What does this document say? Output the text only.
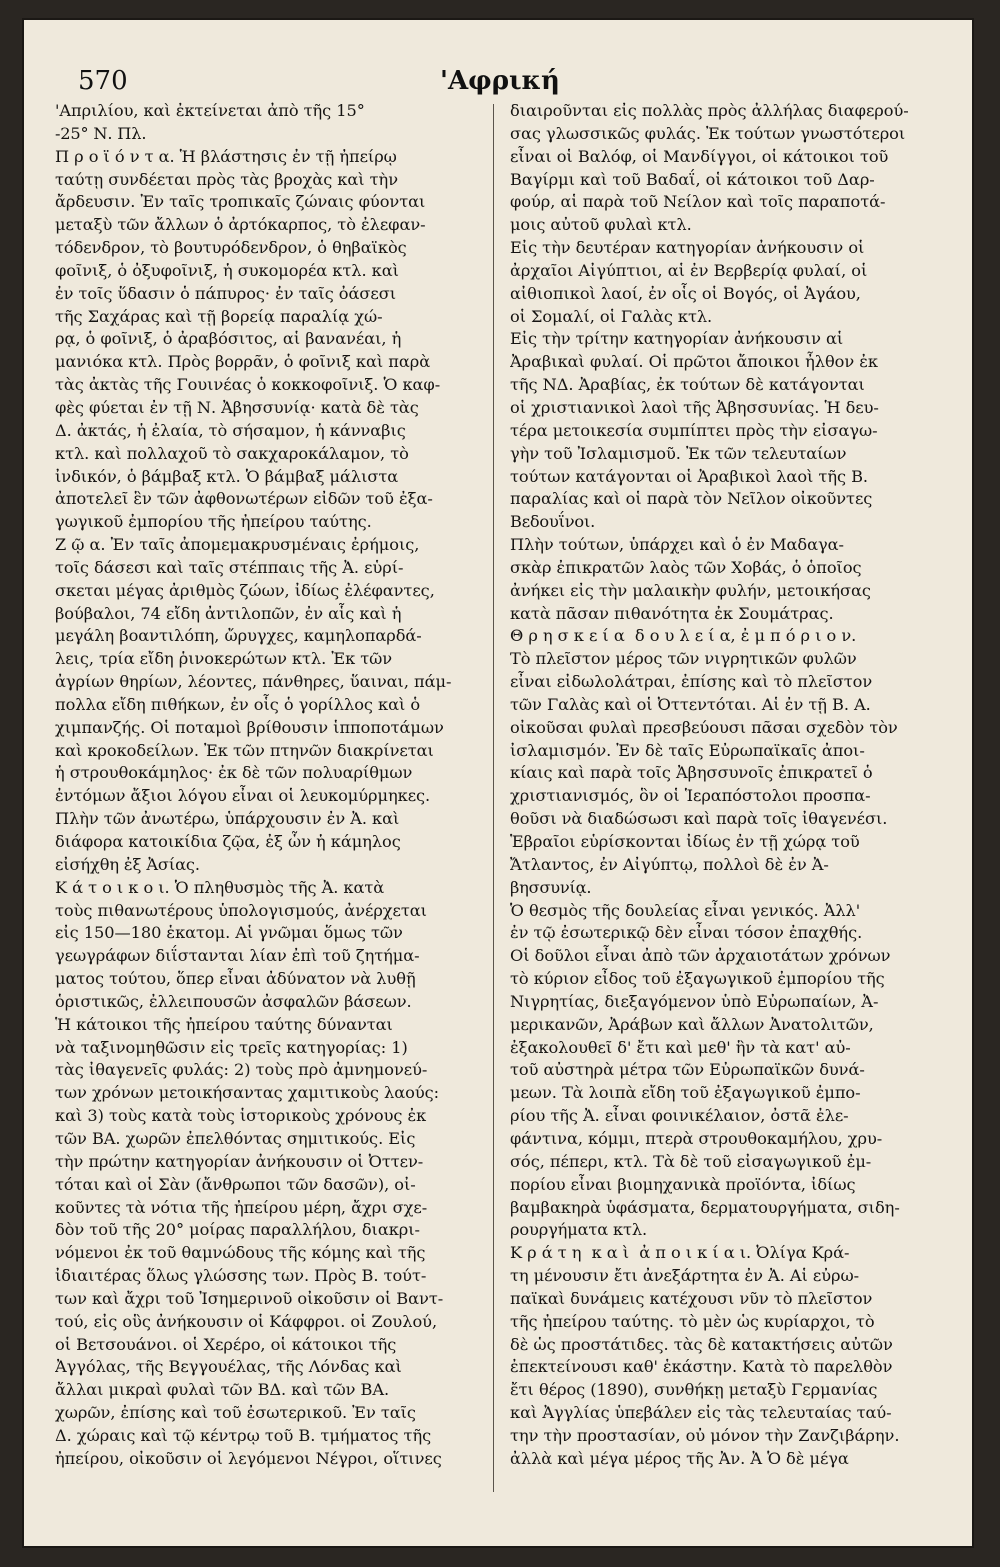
570	'Αφρική
'Απριλίου, καὶ ἐκτείνεται ἀπὸ τῆς 15°
-25° Ν. Πλ.
Π ρ ο ϊ ό ν τ α. Ἡ βλάστησις ἐν τῇ ἠπείρῳ
ταύτῃ συνδέεται πρὸς τὰς βροχὰς καὶ τὴν
ἄρδευσιν. Ἐν ταῖς τροπικαῖς ζώναις φύονται
μεταξὺ τῶν ἄλλων ὁ ἀρτόκαρπος, τὸ ἐλεφαν-
τόδενδρον, τὸ βουτυρόδενδρον, ὁ θηβαϊκὸς
φοῖνιξ, ὁ ὀξυφοῖνιξ, ἡ συκομορέα κτλ. καὶ
ἐν τοῖς ὕδασιν ὁ πάπυρος· ἐν ταῖς ὀάσεσι
τῆς Σαχάρας καὶ τῇ βορείᾳ παραλίᾳ χώ-
ρᾳ, ὁ φοῖνιξ, ὁ ἀραβόσιτος, αἱ βανανέαι, ἡ
μανιόκα κτλ. Πρὸς βορρᾶν, ὁ φοῖνιξ καὶ παρὰ
τὰς ἀκτὰς τῆς Γουινέας ὁ κοκκοφοῖνιξ. Ὁ καφ-
φὲς φύεται ἐν τῇ Ν. Ἀβησσυνίᾳ· κατὰ δὲ τὰς
Δ. ἀκτάς, ἡ ἐλαία, τὸ σήσαμον, ἡ κάνναβις
κτλ. καὶ πολλαχοῦ τὸ σακχαροκάλαμον, τὸ
ἰνδικόν, ὁ βάμβαξ κτλ. Ὁ βάμβαξ μάλιστα
ἀποτελεῖ ἓν τῶν ἀφθονωτέρων εἰδῶν τοῦ ἐξα-
γωγικοῦ ἐμπορίου τῆς ἠπείρου ταύτης.
Ζ ῷ α. Ἐν ταῖς ἀπομεμακρυσμέναις ἐρήμοις,
τοῖς δάσεσι καὶ ταῖς στέππαις τῆς Ἀ. εὑρί-
σκεται μέγας ἀριθμὸς ζώων, ἰδίως ἐλέφαντες,
βούβαλοι, 74 εἴδη ἀντιλοπῶν, ἐν αἷς καὶ ἡ
μεγάλη βοαντιλόπη, ὤρυγχες, καμηλοπαρδά-
λεις, τρία εἴδη ῥινοκερώτων κτλ. Ἐκ τῶν
ἀγρίων θηρίων, λέοντες, πάνθηρες, ὕαιναι, πάμ-
πολλα εἴδη πιθήκων, ἐν οἷς ὁ γορίλλος καὶ ὁ
χιμπανζής. Οἱ ποταμοὶ βρίθουσιν ἱπποποτάμων
καὶ κροκοδείλων. Ἐκ τῶν πτηνῶν διακρίνεται
ἡ στρουθοκάμηλος· ἐκ δὲ τῶν πολυαρίθμων
ἐντόμων ἄξιοι λόγου εἶναι οἱ λευκομύρμηκες.
Πλὴν τῶν ἀνωτέρω, ὑπάρχουσιν ἐν Ἀ. καὶ
διάφορα κατοικίδια ζῷα, ἐξ ὧν ἡ κάμηλος
εἰσήχθη ἐξ Ἀσίας.
Κ ά τ ο ι κ ο ι. Ὁ πληθυσμὸς τῆς Ἀ. κατὰ
τοὺς πιθανωτέρους ὑπολογισμούς, ἀνέρχεται
εἰς 150—180 ἑκατομ. Αἱ γνῶμαι ὅμως τῶν
γεωγράφων διΐστανται λίαν ἐπὶ τοῦ ζητήμα-
ματος τούτου, ὅπερ εἶναι ἀδύνατον νὰ λυθῇ
ὁριστικῶς, ἐλλειπουσῶν ἀσφαλῶν βάσεων.
Ἡ κάτοικοι τῆς ἠπείρου ταύτης δύνανται
νὰ ταξινομηθῶσιν εἰς τρεῖς κατηγορίας: 1)
τὰς ἰθαγενεῖς φυλάς: 2) τοὺς πρὸ ἀμνημονεύ-
των χρόνων μετοικήσαντας χαμιτικοὺς λαούς:
καὶ 3) τοὺς κατὰ τοὺς ἱστορικοὺς χρόνους ἐκ
τῶν ΒΑ. χωρῶν ἐπελθόντας σημιτικούς. Εἰς
τὴν πρώτην κατηγορίαν ἀνήκουσιν οἱ Ὀττεν-
τόται καὶ οἱ Σὰν (ἄνθρωποι τῶν δασῶν), οἰ-
κοῦντες τὰ νότια τῆς ἠπείρου μέρη, ἄχρι σχε-
δὸν τοῦ τῆς 20° μοίρας παραλλήλου, διακρι-
νόμενοι ἐκ τοῦ θαμνώδους τῆς κόμης καὶ τῆς
ἰδιαιτέρας ὅλως γλώσσης των. Πρὸς Β. τούτ-
των καὶ ἄχρι τοῦ Ἰσημερινοῦ οἰκοῦσιν οἱ Βαντ-
τού, εἰς οὓς ἀνήκουσιν οἱ Κάφφροι. οἱ Ζουλού,
οἱ Βετσουάνοι. οἱ Χερέρο, οἱ κάτοικοι τῆς
Ἀγγόλας, τῆς Βεγγουέλας, τῆς Λόνδας καὶ
ἄλλαι μικραὶ φυλαὶ τῶν ΒΔ. καὶ τῶν ΒΑ.
χωρῶν, ἐπίσης καὶ τοῦ ἐσωτερικοῦ. Ἐν ταῖς
Δ. χώραις καὶ τῷ κέντρῳ τοῦ Β. τμήματος τῆς
ἠπείρου, οἰκοῦσιν οἱ λεγόμενοι Νέγροι, οἵτινες
διαιροῦνται εἰς πολλὰς πρὸς ἀλλήλας διαφερού-
σας γλωσσικῶς φυλάς. Ἐκ τούτων γνωστότεροι
εἶναι οἱ Βαλόφ, οἱ Μανδίγγοι, οἱ κάτοικοι τοῦ
Βαγίρμι καὶ τοῦ Βαδαΐ, οἱ κάτοικοι τοῦ Δαρ-
φούρ, αἱ παρὰ τοῦ Νείλον καὶ τοῖς παραποτά-
μοις αὐτοῦ φυλαὶ κτλ.
Εἰς τὴν δευτέραν κατηγορίαν ἀνήκουσιν οἱ
ἀρχαῖοι Αἰγύπτιοι, αἱ ἐν Βερβερίᾳ φυλαί, οἱ
αἰθιοπικοὶ λαοί, ἐν οἷς οἱ Βογός, οἱ Ἀγάου,
οἱ Σομαλί, οἱ Γαλὰς κτλ.
Εἰς τὴν τρίτην κατηγορίαν ἀνήκουσιν αἱ
Ἀραβικαὶ φυλαί. Οἱ πρῶτοι ἄποικοι ἦλθον ἐκ
τῆς ΝΔ. Ἀραβίας, ἐκ τούτων δὲ κατάγονται
οἱ χριστιανικοὶ λαοὶ τῆς Ἀβησσυνίας. Ἡ δευ-
τέρα μετοικεσία συμπίπτει πρὸς τὴν εἰσαγω-
γὴν τοῦ Ἰσλαμισμοῦ. Ἐκ τῶν τελευταίων
τούτων κατάγονται οἱ Ἀραβικοὶ λαοὶ τῆς Β.
παραλίας καὶ οἱ παρὰ τὸν Νεῖλον οἰκοῦντες
Βεδουΐνοι.
Πλὴν τούτων, ὑπάρχει καὶ ὁ ἐν Μαδαγα-
σκὰρ ἐπικρατῶν λαὸς τῶν Χοβάς, ὁ ὁποῖος
ἀνήκει εἰς τὴν μαλαικὴν φυλήν, μετοικήσας
κατὰ πᾶσαν πιθανότητα ἐκ Σουμάτρας.
Θ ρ η σ κ ε ί α  δ ο υ λ ε ί α, ἐ μ π ό ρ ι ο ν.
Τὸ πλεῖστον μέρος τῶν νιγρητικῶν φυλῶν
εἶναι εἰδωλολάτραι, ἐπίσης καὶ τὸ πλεῖστον
τῶν Γαλὰς καὶ οἱ Ὀττεντόται. Αἱ ἐν τῇ Β. Α.
οἰκοῦσαι φυλαὶ πρεσβεύουσι πᾶσαι σχεδὸν τὸν
ἰσλαμισμόν. Ἐν δὲ ταῖς Εὐρωπαϊκαῖς ἀποι-
κίαις καὶ παρὰ τοῖς Ἀβησσυνοῖς ἐπικρατεῖ ὁ
χριστιανισμός, ὃν οἱ Ἱεραπόστολοι προσπα-
θοῦσι νὰ διαδώσωσι καὶ παρὰ τοῖς ἰθαγενέσι.
Ἑβραῖοι εὑρίσκονται ἰδίως ἐν τῇ χώρᾳ τοῦ
Ἄτλαντος, ἐν Αἰγύπτῳ, πολλοὶ δὲ ἐν Ἀ-
βησσυνίᾳ.
Ὁ θεσμὸς τῆς δουλείας εἶναι γενικός. Ἀλλ'
ἐν τῷ ἐσωτερικῷ δὲν εἶναι τόσον ἐπαχθής.
Οἱ δοῦλοι εἶναι ἀπὸ τῶν ἀρχαιοτάτων χρόνων
τὸ κύριον εἶδος τοῦ ἐξαγωγικοῦ ἐμπορίου τῆς
Νιγρητίας, διεξαγόμενον ὑπὸ Εὐρωπαίων, Ἀ-
μερικανῶν, Ἀράβων καὶ ἄλλων Ἀνατολιτῶν,
ἐξακολουθεῖ δ' ἔτι καὶ μεθ' ἣν τὰ κατ' αὐ-
τοῦ αὐστηρὰ μέτρα τῶν Εὐρωπαϊκῶν δυνά-
μεων. Τὰ λοιπὰ εἴδη τοῦ ἐξαγωγικοῦ ἐμπο-
ρίου τῆς Ἀ. εἶναι φοινικέλαιον, ὀστᾶ ἐλε-
φάντινα, κόμμι, πτερὰ στρουθοκαμήλου, χρυ-
σός, πέπερι, κτλ. Τὰ δὲ τοῦ εἰσαγωγικοῦ ἐμ-
πορίου εἶναι βιομηχανικὰ προϊόντα, ἰδίως
βαμβακηρὰ ὑφάσματα, δερματουργήματα, σιδη-
ρουργήματα κτλ.
Κ ρ ά τ η  κ α ὶ  ἀ π ο ι κ ί α ι. Ὀλίγα Κρά-
τη μένουσιν ἔτι ἀνεξάρτητα ἐν Ἀ. Αἱ εὐρω-
παϊκαὶ δυνάμεις κατέχουσι νῦν τὸ πλεῖστον
τῆς ἠπείρου ταύτης. τὸ μὲν ὡς κυρίαρχοι, τὸ
δὲ ὡς προστάτιδες. τὰς δὲ κατακτήσεις αὐτῶν
ἐπεκτείνουσι καθ' ἑκάστην. Κατὰ τὸ παρελθὸν
ἔτι θέρος (1890), συνθήκῃ μεταξὺ Γερμανίας
καὶ Ἀγγλίας ὑπεβάλεν εἰς τὰς τελευταίας ταύ-
την τὴν προστασίαν, οὐ μόνον τὴν Ζανζιβάρην.
ἀλλὰ καὶ μέγα μέρος τῆς Ἀν. Ἀ Ὁ δὲ μέγα
